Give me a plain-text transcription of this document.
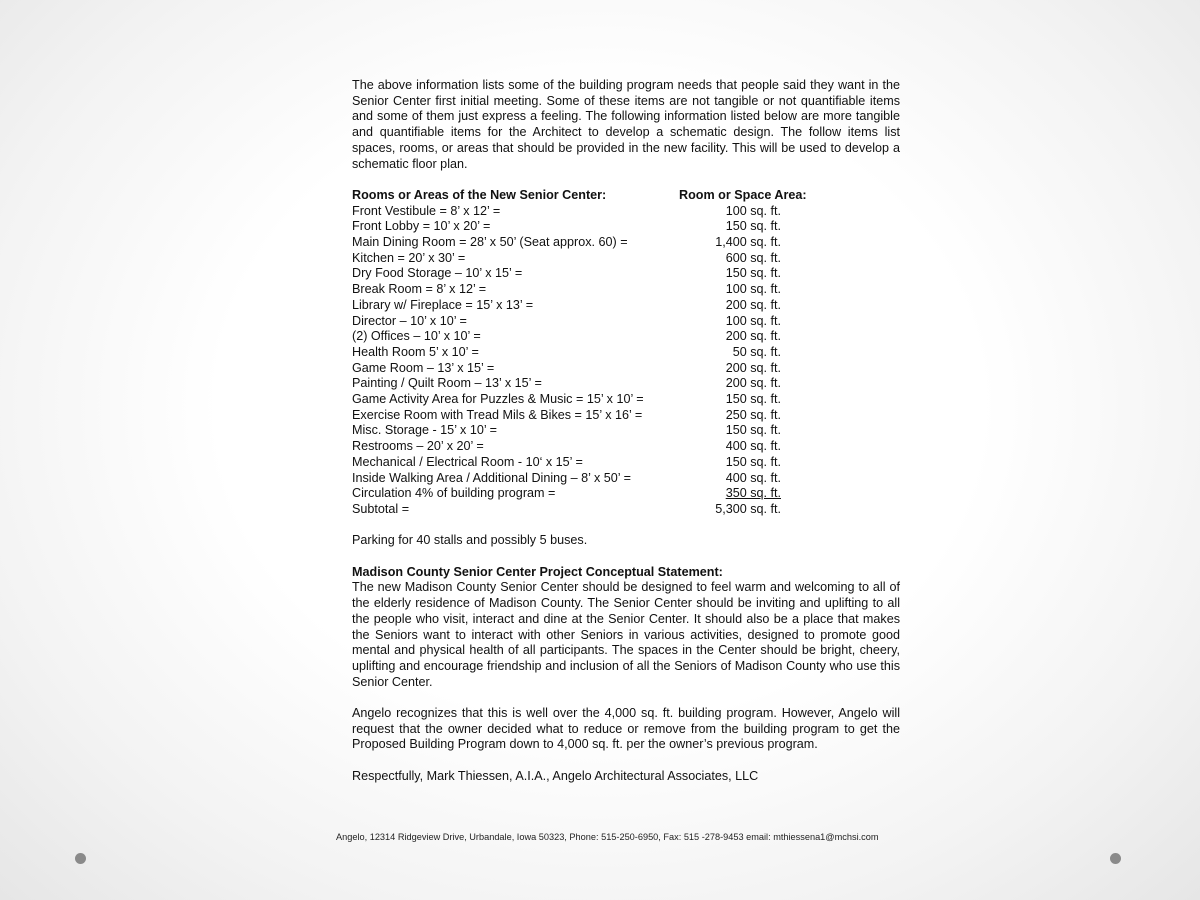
The above information lists some of the building program needs that people said they want in the Senior Center first initial meeting. Some of these items are not tangible or not quantifiable items and some of them just express a feeling. The following information listed below are more tangible and quantifiable items for the Architect to develop a schematic design. The follow items list spaces, rooms, or areas that should be provided in the new facility. This will be used to develop a schematic floor plan.

Rooms or Areas of the New Senior Center:	Room or Space Area:
Front Vestibule = 8’ x 12’ =	100 sq. ft.
Front Lobby = 10’ x 20’ =	150 sq. ft.
Main Dining Room = 28’ x 50’ (Seat approx. 60) =	1,400 sq. ft.
Kitchen = 20’ x 30’ =	600 sq. ft.
Dry Food Storage – 10’ x 15’ =	150 sq. ft.
Break Room = 8’ x 12’ =	100 sq. ft.
Library w/ Fireplace = 15’ x 13’ =	200 sq. ft.
Director – 10’ x 10’ =	100 sq. ft.
(2) Offices – 10’ x 10’ =	200 sq. ft.
Health Room 5’ x 10’ =	50 sq. ft.
Game Room – 13’ x 15’ =	200 sq. ft.
Painting / Quilt Room – 13’ x 15’ =	200 sq. ft.
Game Activity Area for Puzzles & Music = 15’ x 10’ =	150 sq. ft.
Exercise Room with Tread Mils & Bikes = 15’ x 16’ =	250 sq. ft.
Misc. Storage - 15’ x 10’ =	150 sq. ft.
Restrooms – 20’ x 20’ =	400 sq. ft.
Mechanical / Electrical Room - 10‘ x 15’ =	150 sq. ft.
Inside Walking Area / Additional Dining – 8’ x 50’ =	400 sq. ft.
Circulation 4% of building program =	350 sq. ft.
Subtotal =	5,300 sq. ft.

Parking for 40 stalls and possibly 5 buses.

Madison County Senior Center Project Conceptual Statement:

The new Madison County Senior Center should be designed to feel warm and welcoming to all of the elderly residence of Madison County. The Senior Center should be inviting and uplifting to all the people who visit, interact and dine at the Senior Center. It should also be a place that makes the Seniors want to interact with other Seniors in various activities, designed to promote good mental and physical health of all participants. The spaces in the Center should be bright, cheery, uplifting and encourage friendship and inclusion of all the Seniors of Madison County who use this Senior Center.

Angelo recognizes that this is well over the 4,000 sq. ft. building program. However, Angelo will request that the owner decided what to reduce or remove from the building program to get the Proposed Building Program down to 4,000 sq. ft. per the owner’s previous program.

Respectfully, Mark Thiessen, A.I.A., Angelo Architectural Associates, LLC

Angelo, 12314 Ridgeview Drive, Urbandale, Iowa 50323, Phone: 515-250-6950, Fax: 515 -278-9453 email: mthiessena1@mchsi.com
